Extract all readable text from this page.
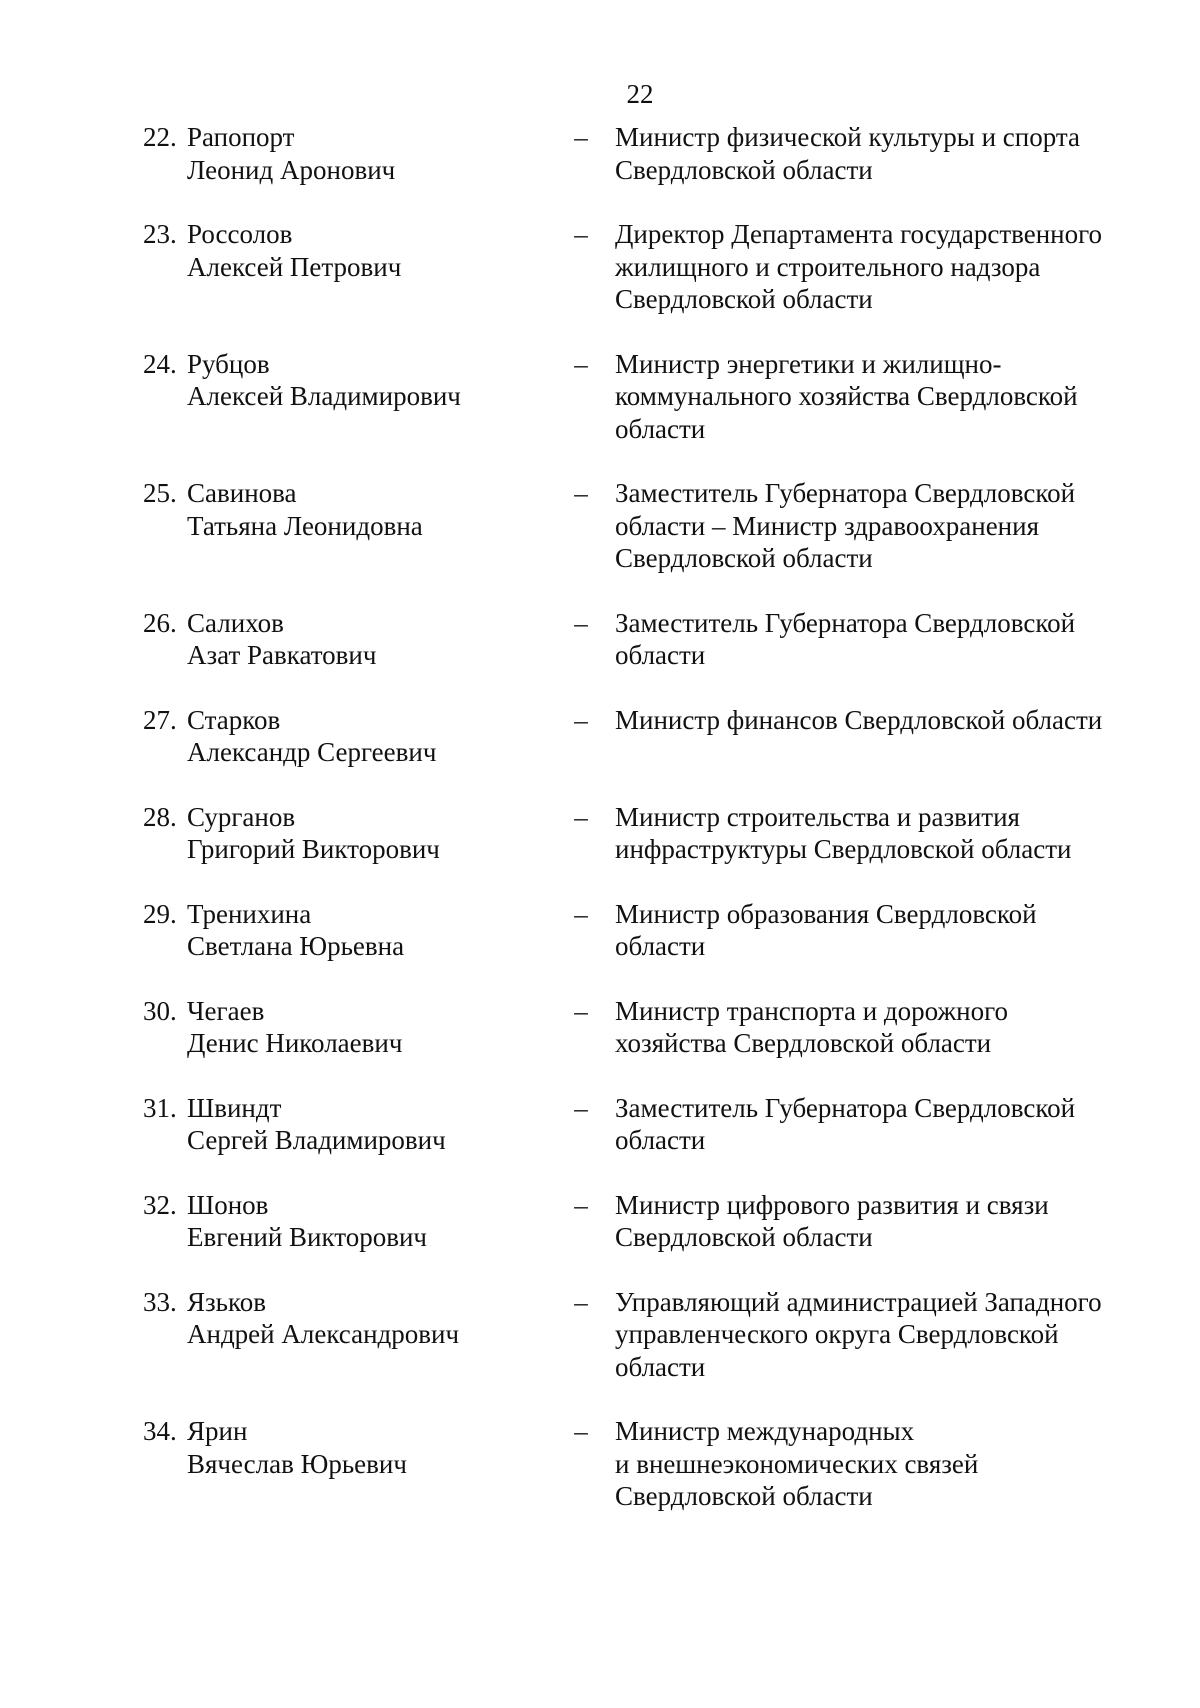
22
22. Рапопорт
Леонид Аронович
– Министр физической культуры и спорта
Свердловской области
23. Россолов
Алексей Петрович
– Директор Департамента государственного
жилищного и строительного надзора
Свердловской области
24. Рубцов
Алексей Владимирович
– Министр энергетики и жилищно-
коммунального хозяйства Свердловской
области
25. Савинова
Татьяна Леонидовна
– Заместитель Губернатора Свердловской
области – Министр здравоохранения
Свердловской области
26. Салихов
Азат Равкатович
– Заместитель Губернатора Свердловской
области
27. Старков
Александр Сергеевич
– Министр финансов Свердловской области
28. Сурганов
Григорий Викторович
– Министр строительства и развития
инфраструктуры Свердловской области
29. Тренихина
Светлана Юрьевна
– Министр образования Свердловской
области
30. Чегаев
Денис Николаевич
– Министр транспорта и дорожного
хозяйства Свердловской области
31. Швиндт
Сергей Владимирович
– Заместитель Губернатора Свердловской
области
32. Шонов
Евгений Викторович
– Министр цифрового развития и связи
Свердловской области
33. Язьков
Андрей Александрович
– Управляющий администрацией Западного
управленческого округа Свердловской
области
34. Ярин
Вячеслав Юрьевич
– Министр международных
и внешнеэкономических связей
Свердловской области
